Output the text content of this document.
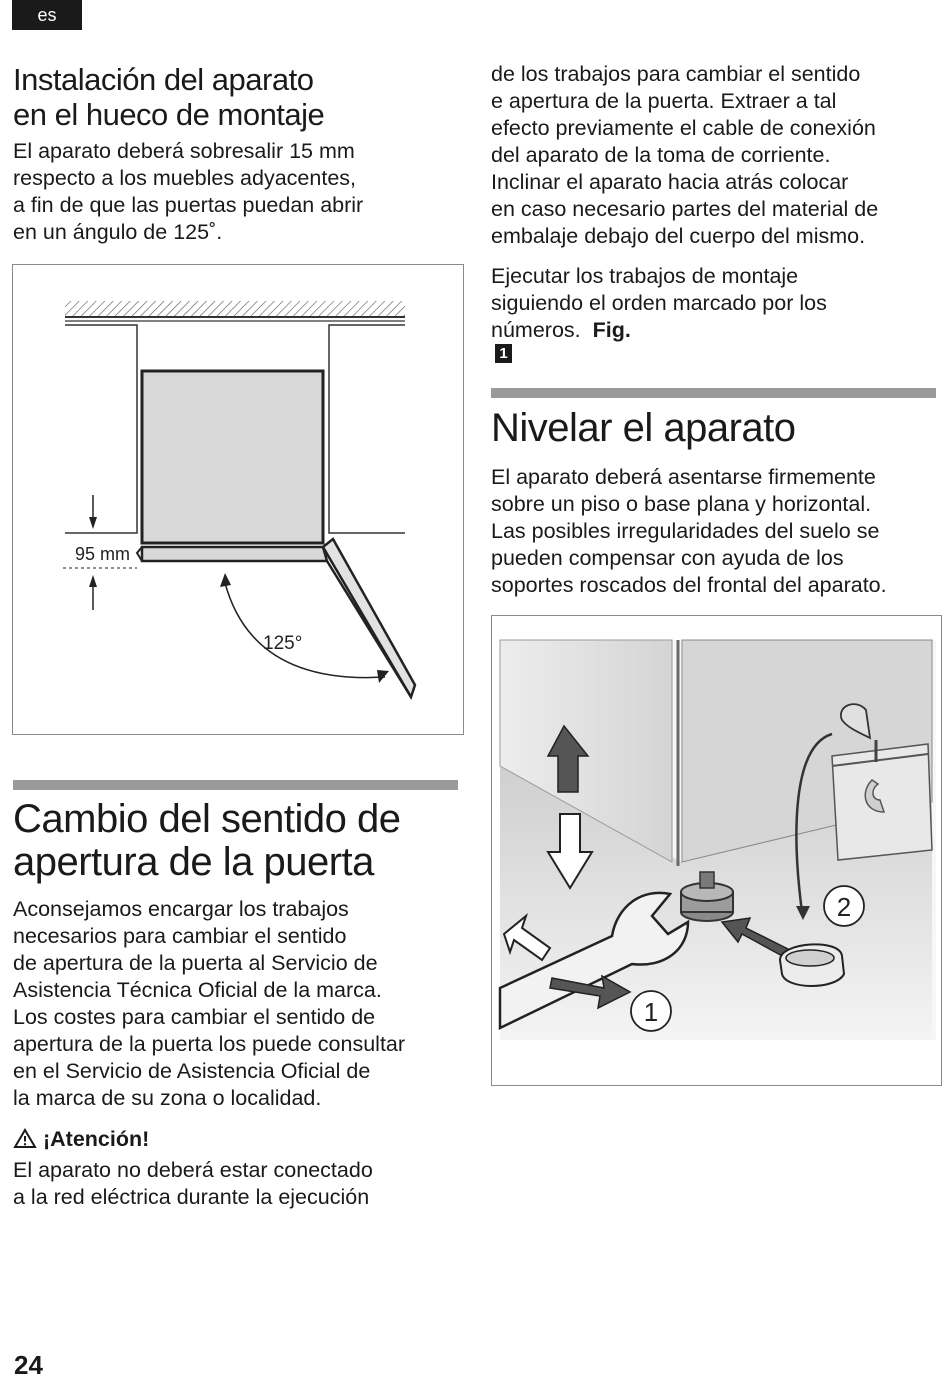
es
Instalación del aparato
en el hueco de montaje

El aparato deberá sobresalir 15 mm
respecto a los muebles adyacentes,
a fin de que las puertas puedan abrir
en un ángulo de 125˚.

95 mm
125°
Cambio del sentido de
apertura de la puerta

Aconsejamos encargar los trabajos
necesarios para cambiar el sentido
de apertura de la puerta al Servicio de
Asistencia Técnica Oficial de la marca.
Los costes para cambiar el sentido de
apertura de la puerta los puede consultar
en el Servicio de Asistencia Oficial de
la marca de su zona o localidad.

¡Atención!

El aparato no deberá estar conectado
a la red eléctrica durante la ejecución

de los trabajos para cambiar el sentido
e apertura de la puerta. Extraer a tal
efecto previamente el cable de conexión
del aparato de la toma de corriente.
Inclinar el aparato hacia atrás colocar
en caso necesario partes del material de
embalaje debajo del cuerpo del mismo.

Ejecutar los trabajos de montaje
siguiendo el orden marcado por los
números. Fig.
1

Nivelar el aparato

El aparato deberá asentarse firmemente
sobre un piso o base plana y horizontal.
Las posibles irregularidades del suelo se
pueden compensar con ayuda de los
soportes roscados del frontal del aparato.

2
1
24
